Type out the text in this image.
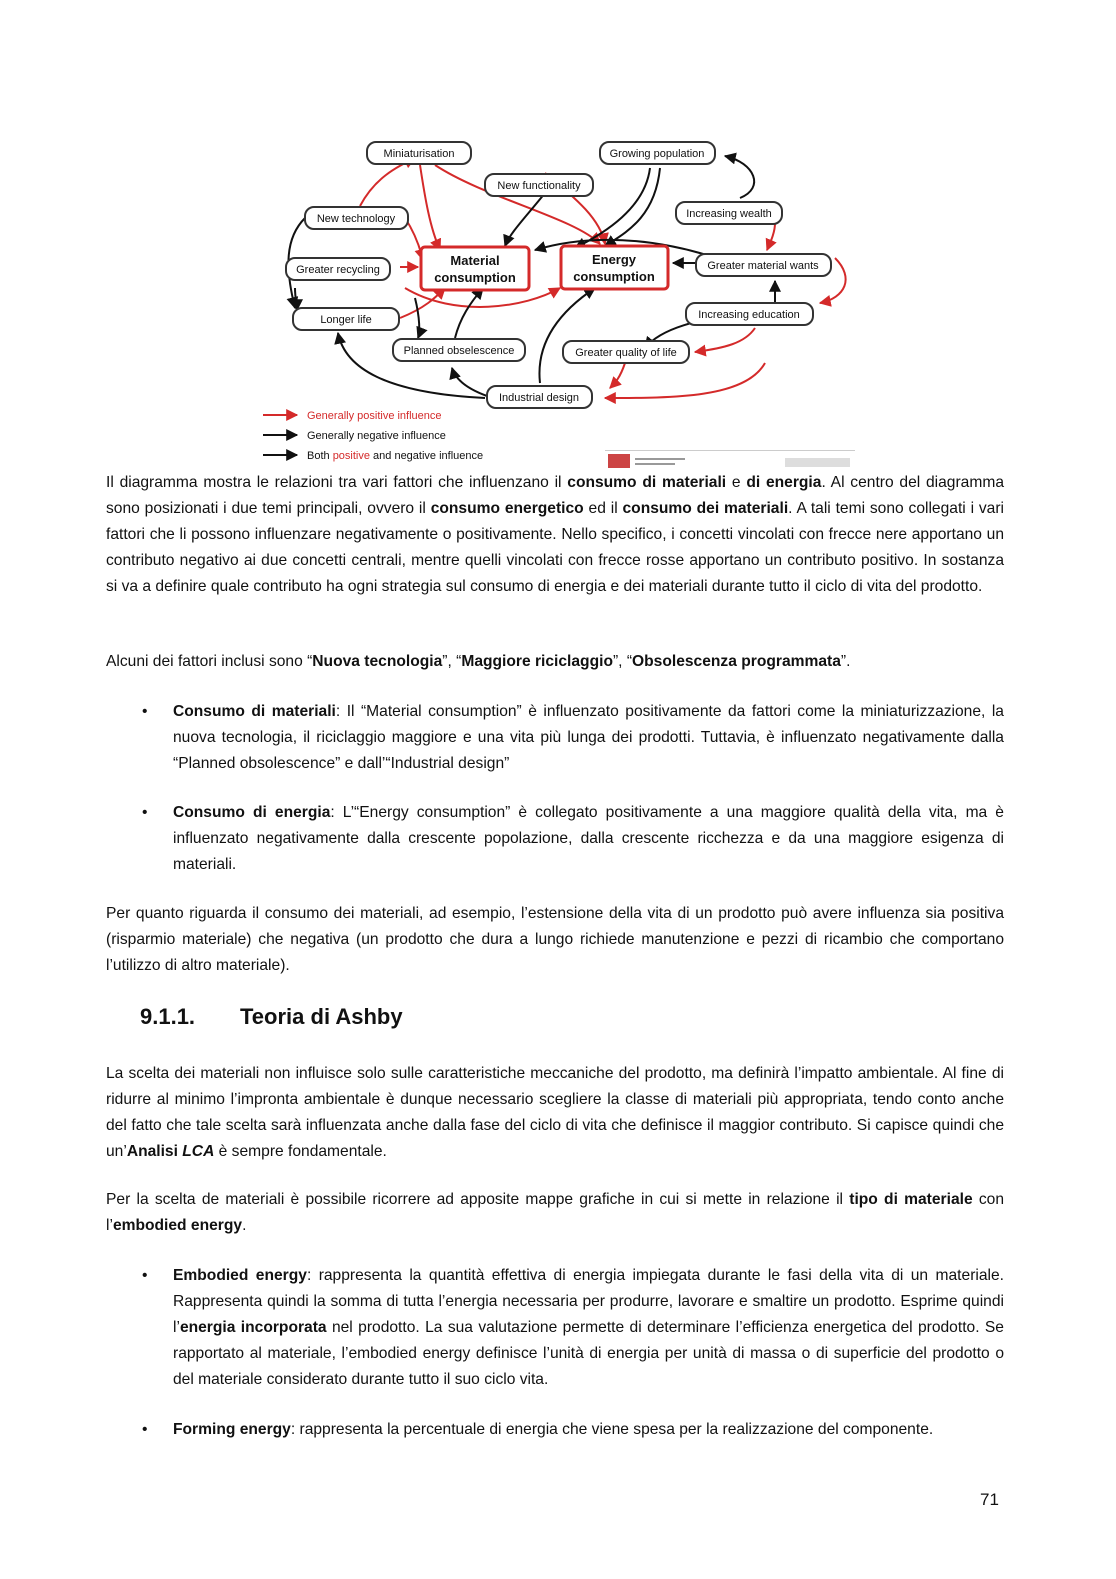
Miniaturisation	Growing population
New functionality
Increasing wealth
New technology
Material
consumption
Energy
consumption
Greater recycling	Greater material wants
Longer life	Increasing education
Planned obselescence	Greater quality of life
Industrial design
Generally positive influence
Generally negative influence
Both positive and negative influence

Il diagramma mostra le relazioni tra vari fattori che influenzano il consumo di materiali e di energia. Al centro del diagramma sono posizionati i due temi principali, ovvero il consumo energetico ed il consumo dei materiali. A tali temi sono collegati i vari fattori che li possono influenzare negativamente o positivamente. Nello specifico, i concetti vincolati con frecce nere apportano un contributo negativo ai due concetti centrali, mentre quelli vincolati con frecce rosse apportano un contributo positivo. In sostanza si va a definire quale contributo ha ogni strategia sul consumo di energia e dei materiali durante tutto il ciclo di vita del prodotto.

Alcuni dei fattori inclusi sono “Nuova tecnologia”, “Maggiore riciclaggio”, “Obsolescenza programmata”.

• Consumo di materiali: Il “Material consumption” è influenzato positivamente da fattori come la miniaturizzazione, la nuova tecnologia, il riciclaggio maggiore e una vita più lunga dei prodotti. Tuttavia, è influenzato negativamente dalla “Planned obsolescence” e dall’“Industrial design”
• Consumo di energia: L’“Energy consumption” è collegato positivamente a una maggiore qualità della vita, ma è influenzato negativamente dalla crescente popolazione, dalla crescente ricchezza e da una maggiore esigenza di materiali.

Per quanto riguarda il consumo dei materiali, ad esempio, l’estensione della vita di un prodotto può avere influenza sia positiva (risparmio materiale) che negativa (un prodotto che dura a lungo richiede manutenzione e pezzi di ricambio che comportano l’utilizzo di altro materiale).

9.1.1. Teoria di Ashby

La scelta dei materiali non influisce solo sulle caratteristiche meccaniche del prodotto, ma definirà l’impatto ambientale. Al fine di ridurre al minimo l’impronta ambientale è dunque necessario scegliere la classe di materiali più appropriata, tendo conto anche del fatto che tale scelta sarà influenzata anche dalla fase del ciclo di vita che definisce il maggior contributo. Si capisce quindi che un’Analisi LCA è sempre fondamentale.

Per la scelta de materiali è possibile ricorrere ad apposite mappe grafiche in cui si mette in relazione il tipo di materiale con l’embodied energy.

• Embodied energy: rappresenta la quantità effettiva di energia impiegata durante le fasi della vita di un materiale. Rappresenta quindi la somma di tutta l’energia necessaria per produrre, lavorare e smaltire un prodotto. Esprime quindi l’energia incorporata nel prodotto. La sua valutazione permette di determinare l’efficienza energetica del prodotto. Se rapportato al materiale, l’embodied energy definisce l’unità di energia per unità di massa o di superficie del prodotto o del materiale considerato durante tutto il suo ciclo vita.
• Forming energy: rappresenta la percentuale di energia che viene spesa per la realizzazione del componente.
71
